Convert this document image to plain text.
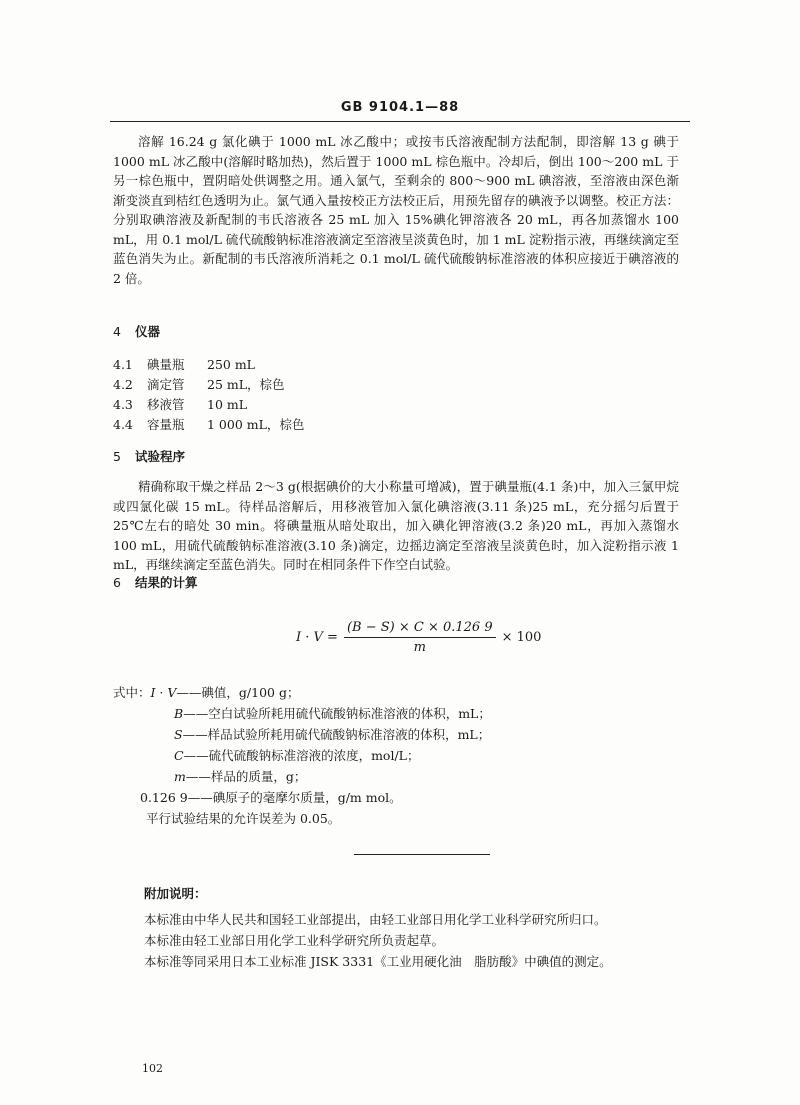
GB 9104.1—88

溶解 16.24 g 氯化碘于 1000 mL 冰乙酸中；或按韦氏溶液配制方法配制，即溶解 13 g 碘于 1000 mL 冰乙酸中(溶解时略加热)，然后置于 1000 mL 棕色瓶中。冷却后，倒出 100～200 mL 于另一棕色瓶中，置阴暗处供调整之用。通入氯气，至剩余的 800～900 mL 碘溶液，至溶液由深色渐渐变淡直到桔红色透明为止。氯气通入量按校正方法校正后，用预先留存的碘液予以调整。校正方法：分别取碘溶液及新配制的韦氏溶液各 25 mL 加入 15%碘化钾溶液各 20 mL，再各加蒸馏水 100 mL，用 0.1 mol/L 硫代硫酸钠标准溶液滴定至溶液呈淡黄色时，加 1 mL 淀粉指示液，再继续滴定至蓝色消失为止。新配制的韦氏溶液所消耗之 0.1 mol/L 硫代硫酸钠标准溶液的体积应接近于碘溶液的 2 倍。

4 仪器
4.1 碘量瓶 250 mL
4.2 滴定管 25 mL，棕色
4.3 移液管 10 mL
4.4 容量瓶 1 000 mL，棕色
5 试验程序

精确称取干燥之样品 2～3 g(根据碘价的大小称量可增减)，置于碘量瓶(4.1 条)中，加入三氯甲烷或四氯化碳 15 mL。待样品溶解后，用移液管加入氯化碘溶液(3.11 条)25 mL，充分摇匀后置于 25℃左右的暗处 30 min。将碘量瓶从暗处取出，加入碘化钾溶液(3.2 条)20 mL，再加入蒸馏水 100 mL，用硫代硫酸钠标准溶液(3.10 条)滴定，边摇边滴定至溶液呈淡黄色时，加入淀粉指示液 1 mL，再继续滴定至蓝色消失。同时在相同条件下作空白试验。

6 结果的计算
$I \cdot V = \frac{(B - S) \times C \times 0.126 9}{m} \times 100$
式中：I · V——碘值，g/100 g；
B——空白试验所耗用硫代硫酸钠标准溶液的体积，mL；
S——样品试验所耗用硫代硫酸钠标准溶液的体积，mL；
C——硫代硫酸钠标准溶液的浓度，mol/L；
m——样品的质量，g；
0.126 9——碘原子的毫摩尔质量，g/m mol。
平行试验结果的允许误差为 0.05。
附加说明：
本标准由中华人民共和国轻工业部提出，由轻工业部日用化学工业科学研究所归口。
本标准由轻工业部日用化学工业科学研究所负责起草。
本标准等同采用日本工业标准 JISK 3331《工业用硬化油　脂肪酸》中碘值的测定。
102
